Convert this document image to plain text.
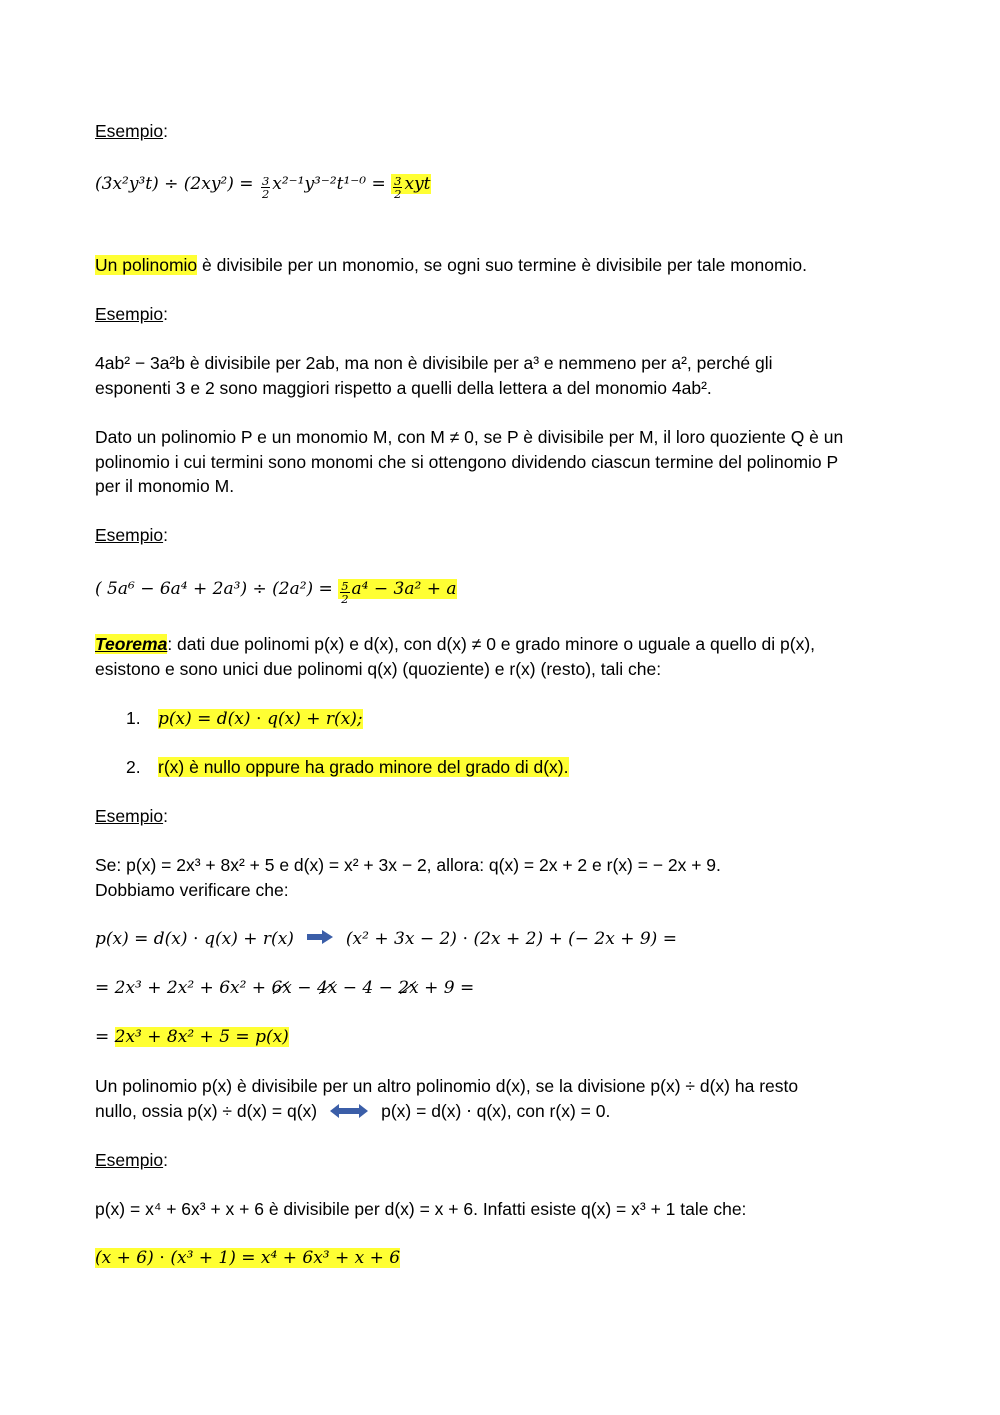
Esempio:
$(3x^2y^3t) \div (2xy^2) = \frac{3}{2} x^{2-1}y^{3-2}t^{1-0} = \frac{3}{2}$ xyt
Un polinomio è divisibile per un monomio, se ogni suo termine è divisibile per tale monomio.
Esempio:
4ab² − 3a²b è divisibile per 2ab, ma non è divisibile per a³ e nemmeno per a², perché gli
esponenti 3 e 2 sono maggiori rispetto a quelli della lettera a del monomio 4ab².
Dato un polinomio P e un monomio M, con M ≠ 0, se P è divisibile per M, il loro quoziente Q è un
polinomio i cui termini sono monomi che si ottengono dividendo ciascun termine del polinomio P
per il monomio M.
Esempio:
( $5a^6 - 6a^4 + 2a^3) \div (2a^2) = \frac{5}{2} a^4 - 3a^2 + a$
Teorema: dati due polinomi p(x) e d(x), con d(x) ≠ 0 e grado minore o uguale a quello di p(x),
esistono e sono unici due polinomi q(x) (quoziente) e r(x) (resto), tali che:
1. p(x) = d(x) ⋅ q(x) + r(x);
2. r(x) è nullo oppure ha grado minore del grado di d(x).
Esempio:
Se: p(x) = 2x³ + 8x² + 5 e d(x) = x² + 3x − 2, allora: q(x) = 2x + 2 e r(x) = − 2x + 9.
Dobbiamo verificare che:
p(x) = d(x) ⋅ q(x) + r(x)	(x² + 3x − 2) ⋅ (2x + 2) + (− 2x + 9) =
= 2x³ + 2x² + 6x² + 6x − 4x − 4 − 2x + 9 =
= 2x³ + 8x² + 5 = p(x)
Un polinomio p(x) è divisibile per un altro polinomio d(x), se la divisione p(x) ÷ d(x) ha resto
nullo, ossia p(x) ÷ d(x) = q(x)	p(x) = d(x) ⋅ q(x), con r(x) = 0.
Esempio:
p(x) = x⁴ + 6x³ + x + 6 è divisibile per d(x) = x + 6. Infatti esiste q(x) = x³ + 1 tale che:
(x + 6) ⋅ (x³ + 1) = x⁴ + 6x³ + x + 6
